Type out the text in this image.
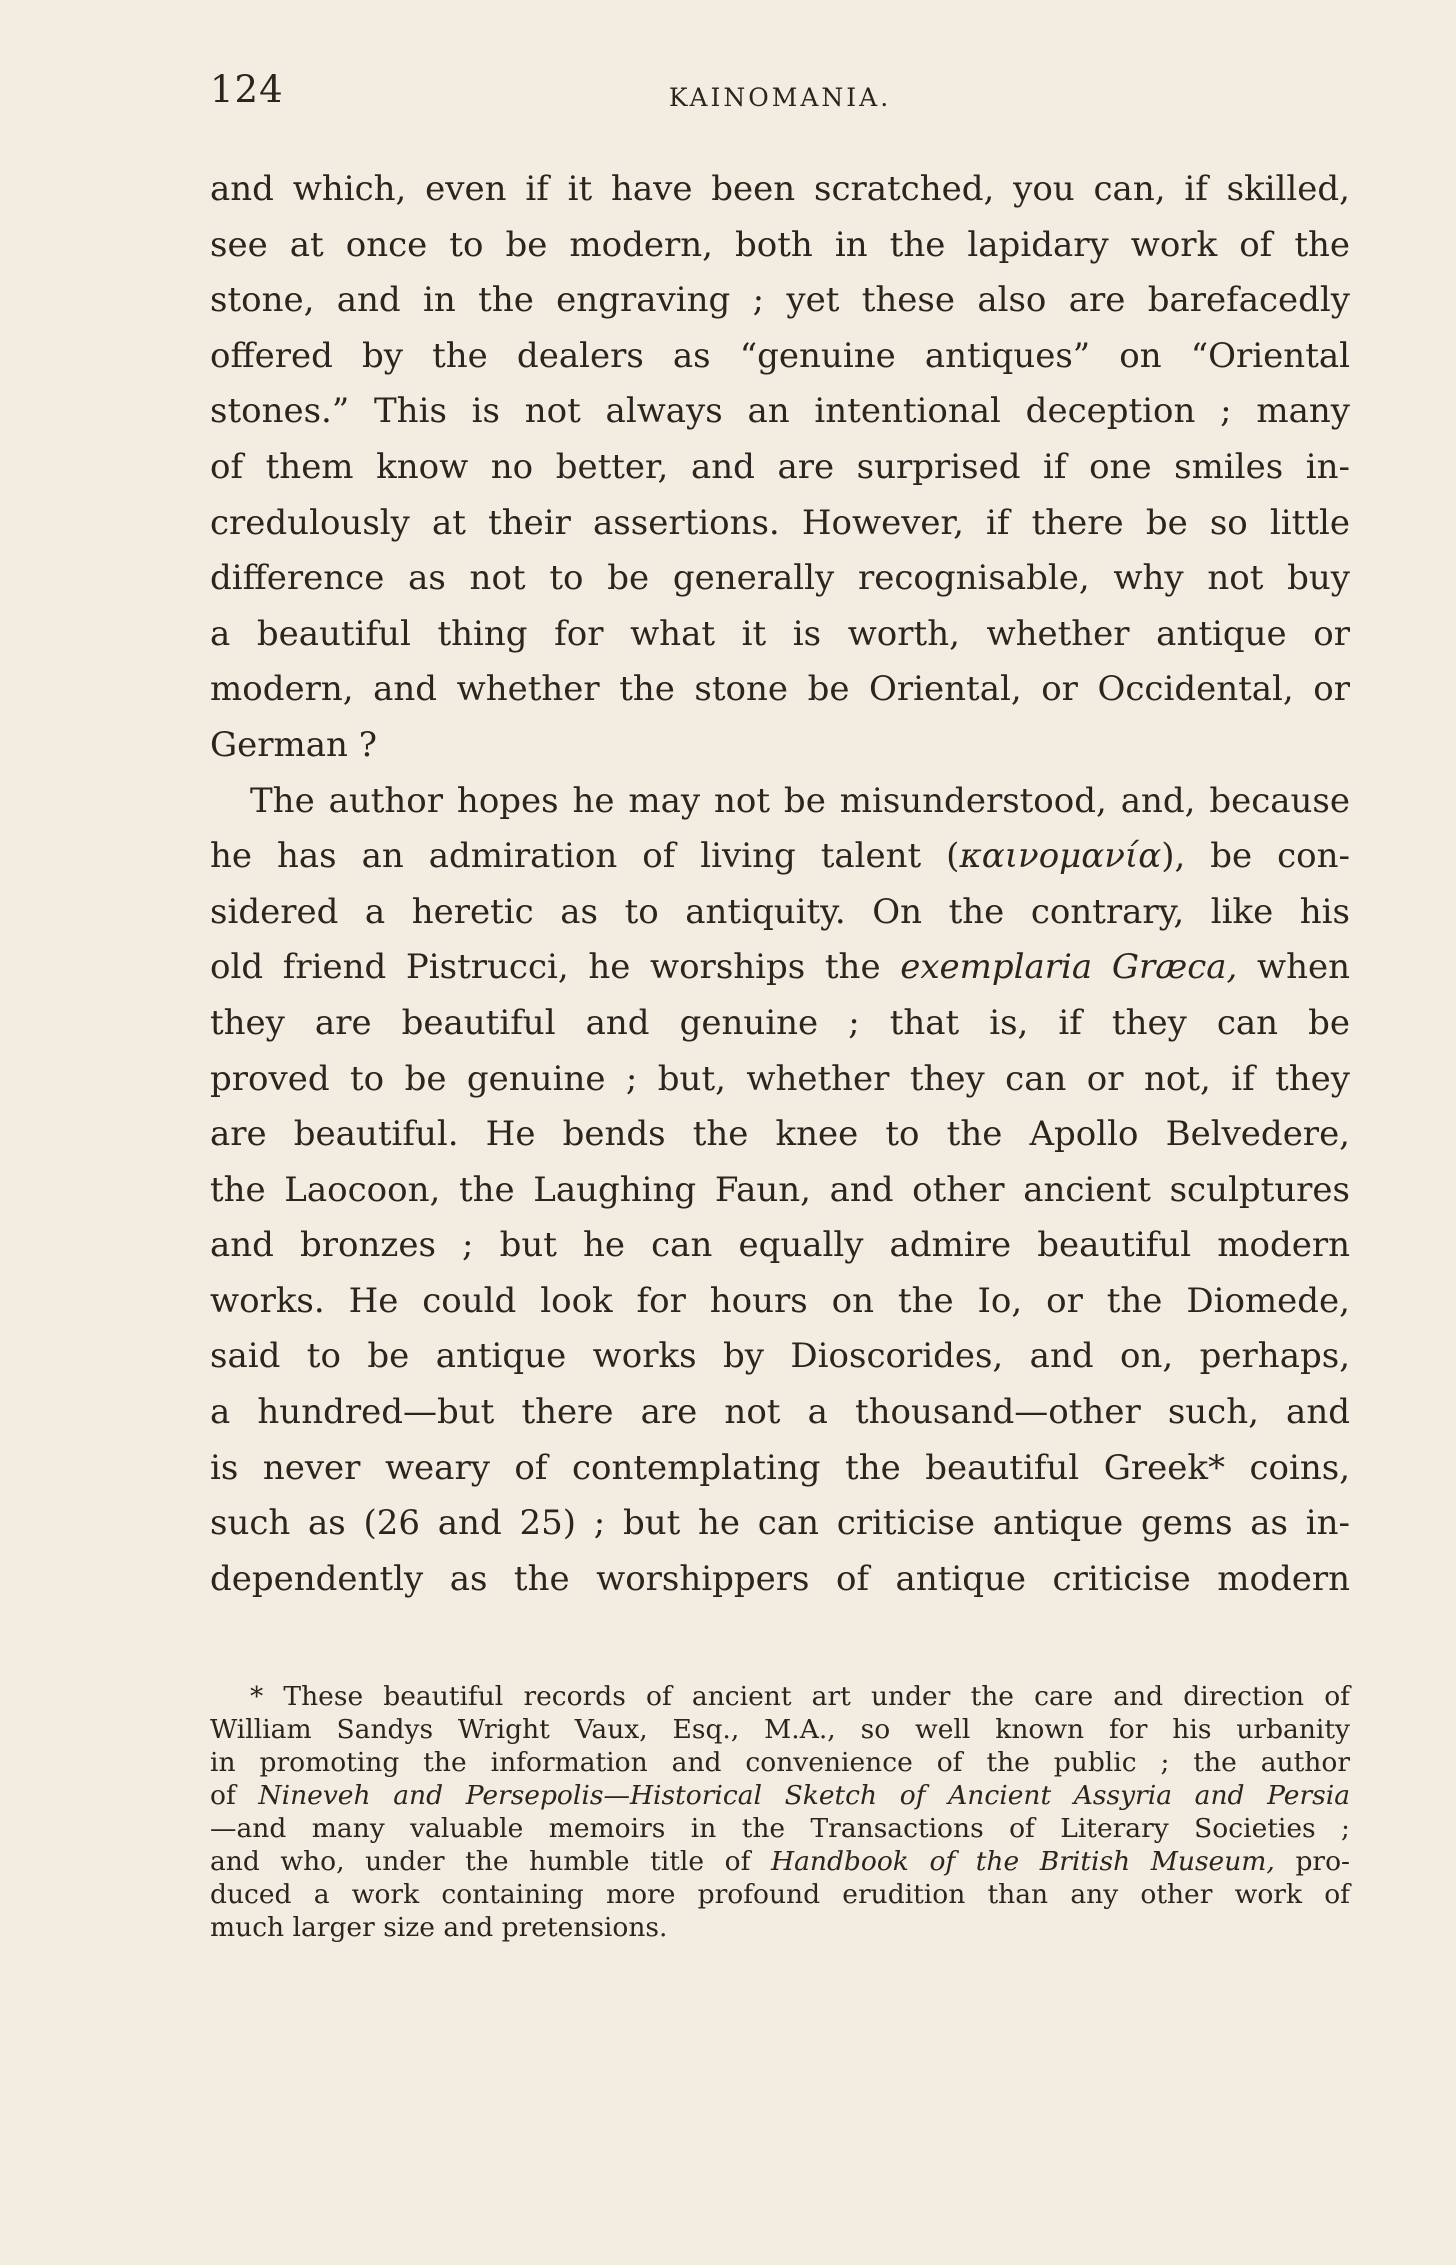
124	KAINOMANIA.

and which, even if it have been scratched, you can, if skilled,
see at once to be modern, both in the lapidary work of the
stone, and in the engraving ; yet these also are barefacedly
offered by the dealers as “genuine antiques” on “Oriental
stones.” This is not always an intentional deception ; many
of them know no better, and are surprised if one smiles in-
credulously at their assertions. However, if there be so little
difference as not to be generally recognisable, why not buy
a beautiful thing for what it is worth, whether antique or
modern, and whether the stone be Oriental, or Occidental, or
German ?

The author hopes he may not be misunderstood, and, because
he has an admiration of living talent (καινομανία), be con-
sidered a heretic as to antiquity. On the contrary, like his
old friend Pistrucci, he worships the exemplaria Græca, when
they are beautiful and genuine ; that is, if they can be
proved to be genuine ; but, whether they can or not, if they
are beautiful. He bends the knee to the Apollo Belvedere,
the Laocoon, the Laughing Faun, and other ancient sculptures
and bronzes ; but he can equally admire beautiful modern
works. He could look for hours on the Io, or the Diomede,
said to be antique works by Dioscorides, and on, perhaps,
a hundred—but there are not a thousand—other such, and
is never weary of contemplating the beautiful Greek* coins,
such as (26 and 25) ; but he can criticise antique gems as in-
dependently as the worshippers of antique criticise modern

* These beautiful records of ancient art under the care and direction of
William Sandys Wright Vaux, Esq., M.A., so well known for his urbanity
in promoting the information and convenience of the public ; the author
of Nineveh and Persepolis—Historical Sketch of Ancient Assyria and Persia
—and many valuable memoirs in the Transactions of Literary Societies ;
and who, under the humble title of Handbook of the British Museum, pro-
duced a work containing more profound erudition than any other work of
much larger size and pretensions.
